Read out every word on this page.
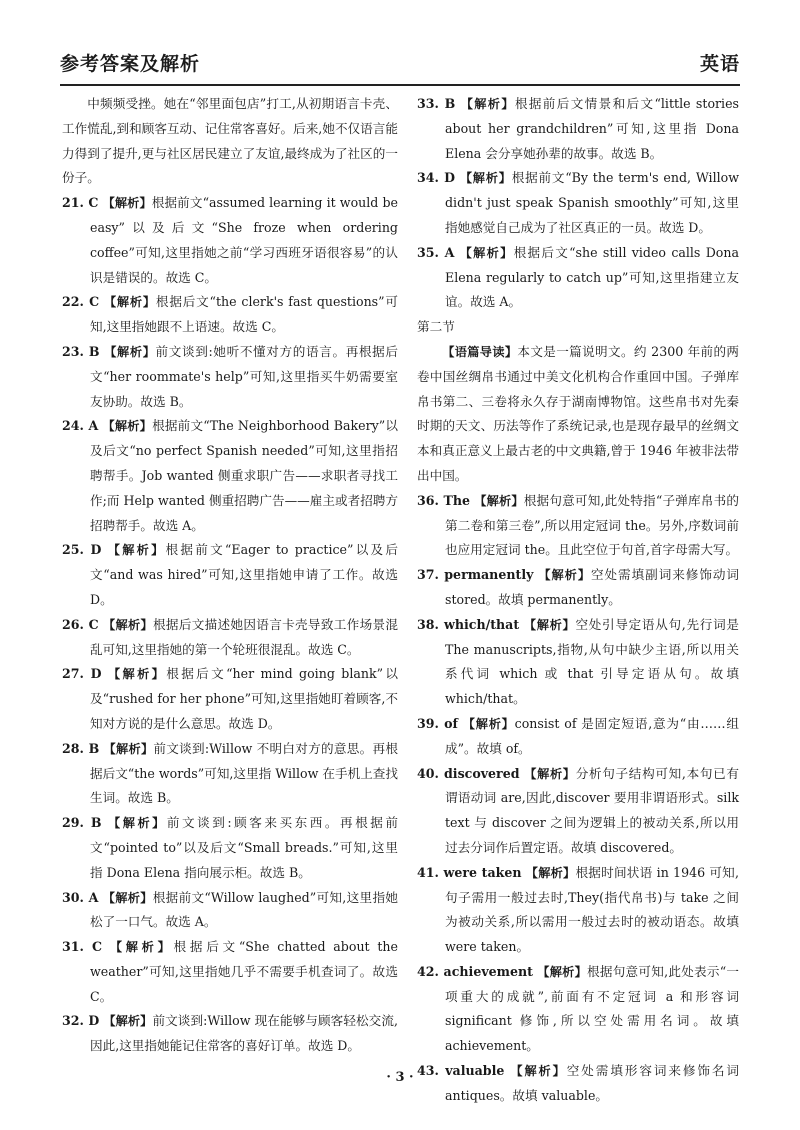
参考答案及解析	英语

中频频受挫。她在“邻里面包店”打工,从初期语言卡壳、工作慌乱,到和顾客互动、记住常客喜好。后来,她不仅语言能力得到了提升,更与社区居民建立了友谊,最终成为了社区的一份子。

21. C 【解析】根据前文“assumed learning it would be easy”以及后文“She froze when ordering coffee”可知,这里指她之前“学习西班牙语很容易”的认识是错误的。故选 C。

22. C 【解析】根据后文“the clerk's fast questions”可知,这里指她跟不上语速。故选 C。

23. B 【解析】前文谈到:她听不懂对方的语言。再根据后文“her roommate's help”可知,这里指买牛奶需要室友协助。故选 B。

24. A 【解析】根据前文“The Neighborhood Bakery”以及后文“no perfect Spanish needed”可知,这里指招聘帮手。Job wanted 侧重求职广告——求职者寻找工作;而 Help wanted 侧重招聘广告——雇主或者招聘方招聘帮手。故选 A。

25. D 【解析】根据前文“Eager to practice”以及后文“and was hired”可知,这里指她申请了工作。故选 D。

26. C 【解析】根据后文描述她因语言卡壳导致工作场景混乱可知,这里指她的第一个轮班很混乱。故选 C。

27. D 【解析】根据后文“her mind going blank”以及“rushed for her phone”可知,这里指她盯着顾客,不知对方说的是什么意思。故选 D。

28. B 【解析】前文谈到:Willow 不明白对方的意思。再根据后文“the words”可知,这里指 Willow 在手机上查找生词。故选 B。

29. B 【解析】前文谈到:顾客来买东西。再根据前文“pointed to”以及后文“Small breads.”可知,这里指 Dona Elena 指向展示柜。故选 B。

30. A 【解析】根据前文“Willow laughed”可知,这里指她松了一口气。故选 A。

31. C 【解析】根据后文“She chatted about the weather”可知,这里指她几乎不需要手机查词了。故选 C。

32. D 【解析】前文谈到:Willow 现在能够与顾客轻松交流,因此,这里指她能记住常客的喜好订单。故选 D。

33. B 【解析】根据前后文情景和后文“little stories about her grandchildren”可知,这里指 Dona Elena 会分享她孙辈的故事。故选 B。

34. D 【解析】根据前文“By the term's end, Willow didn't just speak Spanish smoothly”可知,这里指她感觉自己成为了社区真正的一员。故选 D。

35. A 【解析】根据后文“she still video calls Dona Elena regularly to catch up”可知,这里指建立友谊。故选 A。

第二节

【语篇导读】本文是一篇说明文。约 2300 年前的两卷中国丝绸帛书通过中美文化机构合作重回中国。子弹库帛书第二、三卷将永久存于湖南博物馆。这些帛书对先秦时期的天文、历法等作了系统记录,也是现存最早的丝绸文本和真正意义上最古老的中文典籍,曾于 1946 年被非法带出中国。

36. The 【解析】根据句意可知,此处特指“子弹库帛书的第二卷和第三卷”,所以用定冠词 the。另外,序数词前也应用定冠词 the。且此空位于句首,首字母需大写。

37. permanently 【解析】空处需填副词来修饰动词 stored。故填 permanently。

38. which/that 【解析】空处引导定语从句,先行词是 The manuscripts,指物,从句中缺少主语,所以用关系代词 which 或 that 引导定语从句。故填 which/that。

39. of 【解析】consist of 是固定短语,意为“由……组成”。故填 of。

40. discovered 【解析】分析句子结构可知,本句已有谓语动词 are,因此,discover 要用非谓语形式。silk text 与 discover 之间为逻辑上的被动关系,所以用过去分词作后置定语。故填 discovered。

41. were taken 【解析】根据时间状语 in 1946 可知,句子需用一般过去时,They(指代帛书)与 take 之间为被动关系,所以需用一般过去时的被动语态。故填 were taken。

42. achievement 【解析】根据句意可知,此处表示“一项重大的成就”,前面有不定冠词 a 和形容词 significant 修饰,所以空处需用名词。故填 achievement。

43. valuable 【解析】空处需填形容词来修饰名词 antiques。故填 valuable。

· 3 ·
